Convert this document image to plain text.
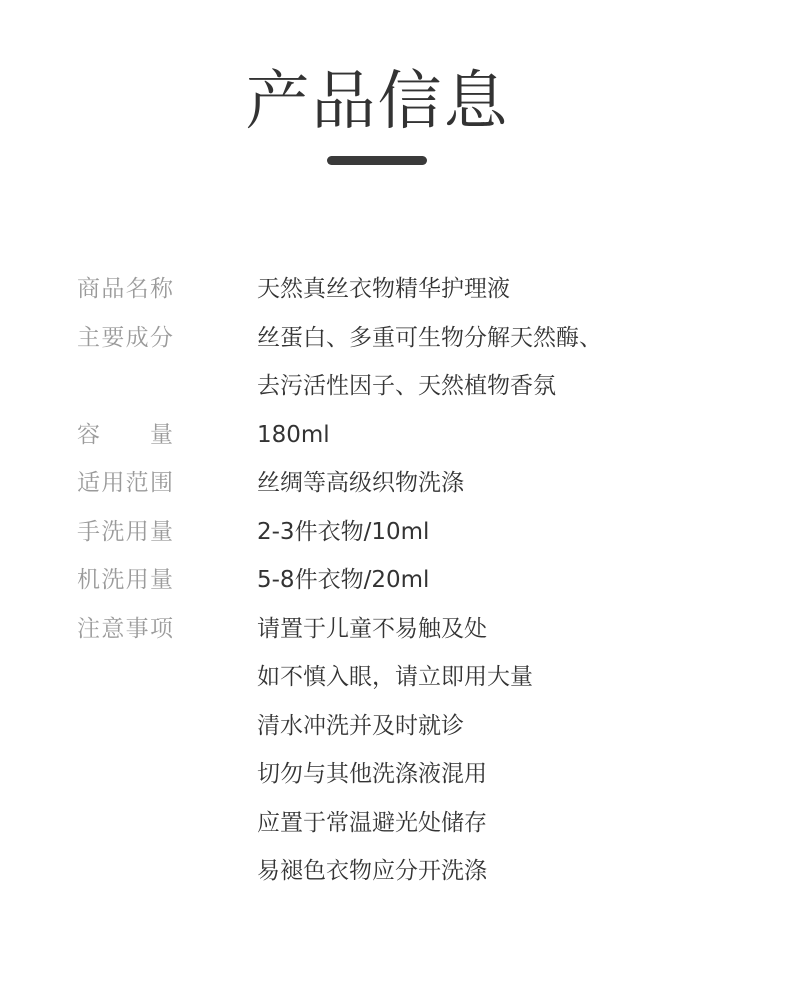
产品信息
商品名称	天然真丝衣物精华护理液
主要成分	丝蛋白、多重可生物分解天然酶、
去污活性因子、天然植物香氛
容量	180ml
适用范围	丝绸等高级织物洗涤
手洗用量	2-3件衣物/10ml
机洗用量	5-8件衣物/20ml
注意事项	请置于儿童不易触及处
如不慎入眼，请立即用大量
清水冲洗并及时就诊
切勿与其他洗涤液混用
应置于常温避光处储存
易褪色衣物应分开洗涤
